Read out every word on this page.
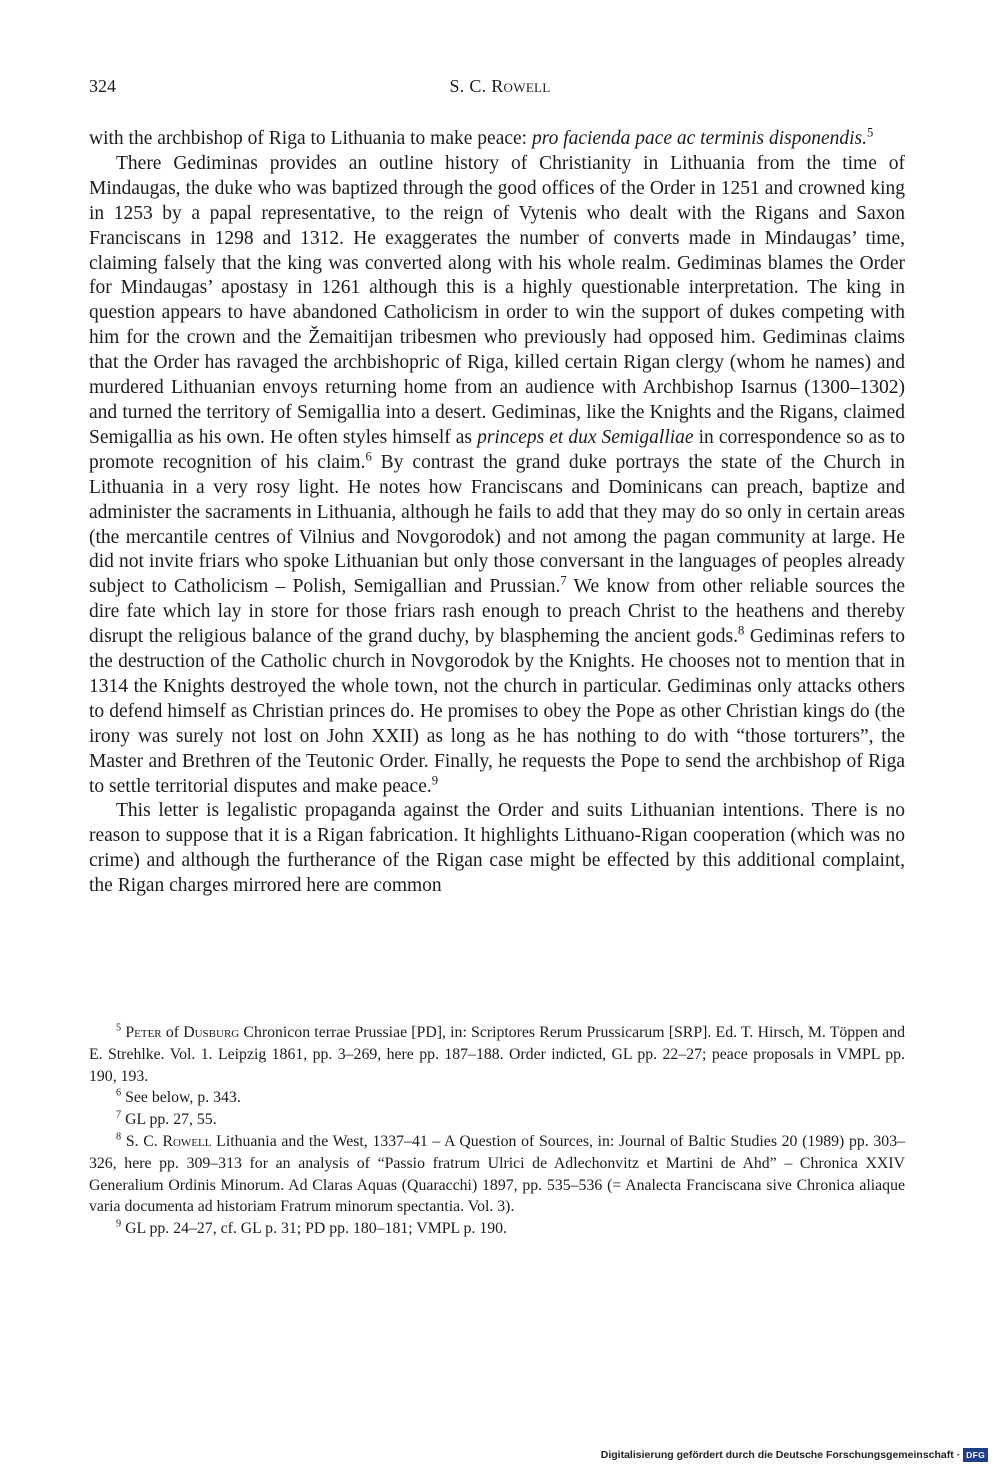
324	S. C. Rowell

with the archbishop of Riga to Lithuania to make peace: pro facienda pace ac terminis disponendis.$^5$

There Gediminas provides an outline history of Christianity in Lithuania from the time of Mindaugas, the duke who was baptized through the good offices of the Order in 1251 and crowned king in 1253 by a papal representative, to the reign of Vytenis who dealt with the Rigans and Saxon Franciscans in 1298 and 1312. He exaggerates the number of converts made in Mindaugas’ time, claiming falsely that the king was converted along with his whole realm. Gediminas blames the Order for Mindaugas’ apostasy in 1261 although this is a highly questionable interpretation. The king in question appears to have abandoned Catholicism in order to win the support of dukes competing with him for the crown and the Žemaitijan tribesmen who previously had opposed him. Gediminas claims that the Order has ravaged the archbishopric of Riga, killed certain Rigan clergy (whom he names) and murdered Lithuanian envoys returning home from an audience with Archbishop Isarnus (1300–1302) and turned the territory of Semigallia into a desert. Gediminas, like the Knights and the Rigans, claimed Semigallia as his own. He often styles himself as princeps et dux Semigalliae in correspondence so as to promote recognition of his claim.$^6$ By contrast the grand duke portrays the state of the Church in Lithuania in a very rosy light. He notes how Franciscans and Dominicans can preach, baptize and administer the sacraments in Lithuania, although he fails to add that they may do so only in certain areas (the mercantile centres of Vilnius and Novgorodok) and not among the pagan community at large. He did not invite friars who spoke Lithuanian but only those conversant in the languages of peoples already subject to Catholicism – Polish, Semigallian and Prussian.$^7$ We know from other reliable sources the dire fate which lay in store for those friars rash enough to preach Christ to the heathens and thereby disrupt the religious balance of the grand duchy, by blaspheming the ancient gods.$^8$ Gediminas refers to the destruction of the Catholic church in Novgorodok by the Knights. He chooses not to mention that in 1314 the Knights destroyed the whole town, not the church in particular. Gediminas only attacks others to defend himself as Christian princes do. He promises to obey the Pope as other Christian kings do (the irony was surely not lost on John XXII) as long as he has nothing to do with “those torturers”, the Master and Brethren of the Teutonic Order. Finally, he requests the Pope to send the archbishop of Riga to settle territorial disputes and make peace.$^9$

This letter is legalistic propaganda against the Order and suits Lithuanian intentions. There is no reason to suppose that it is a Rigan fabrication. It highlights Lithuano-Rigan cooperation (which was no crime) and although the furtherance of the Rigan case might be effected by this additional complaint, the Rigan charges mirrored here are common

$^5$ Peter of Dusburg Chronicon terrae Prussiae [PD], in: Scriptores Rerum Prussicarum [SRP]. Ed. T. Hirsch, M. Töppen and E. Strehlke. Vol. 1. Leipzig 1861, pp. 3–269, here pp. 187–188. Order indicted, GL pp. 22–27; peace proposals in VMPL pp. 190, 193.

$^6$ See below, p. 343.

$^7$ GL pp. 27, 55.

$^8$ S. C. Rowell Lithuania and the West, 1337–41 – A Question of Sources, in: Journal of Baltic Studies 20 (1989) pp. 303–326, here pp. 309–313 for an analysis of “Passio fratrum Ulrici de Adlechonvitz et Martini de Ahd” – Chronica XXIV Generalium Ordinis Minorum. Ad Claras Aquas (Quaracchi) 1897, pp. 535–536 (= Analecta Franciscana sive Chronica aliaque varia documenta ad historiam Fratrum minorum spectantia. Vol. 3).

$^9$ GL pp. 24–27, cf. GL p. 31; PD pp. 180–181; VMPL p. 190.

Digitalisierung gefördert durch die Deutsche Forschungsgemeinschaft · DFG
